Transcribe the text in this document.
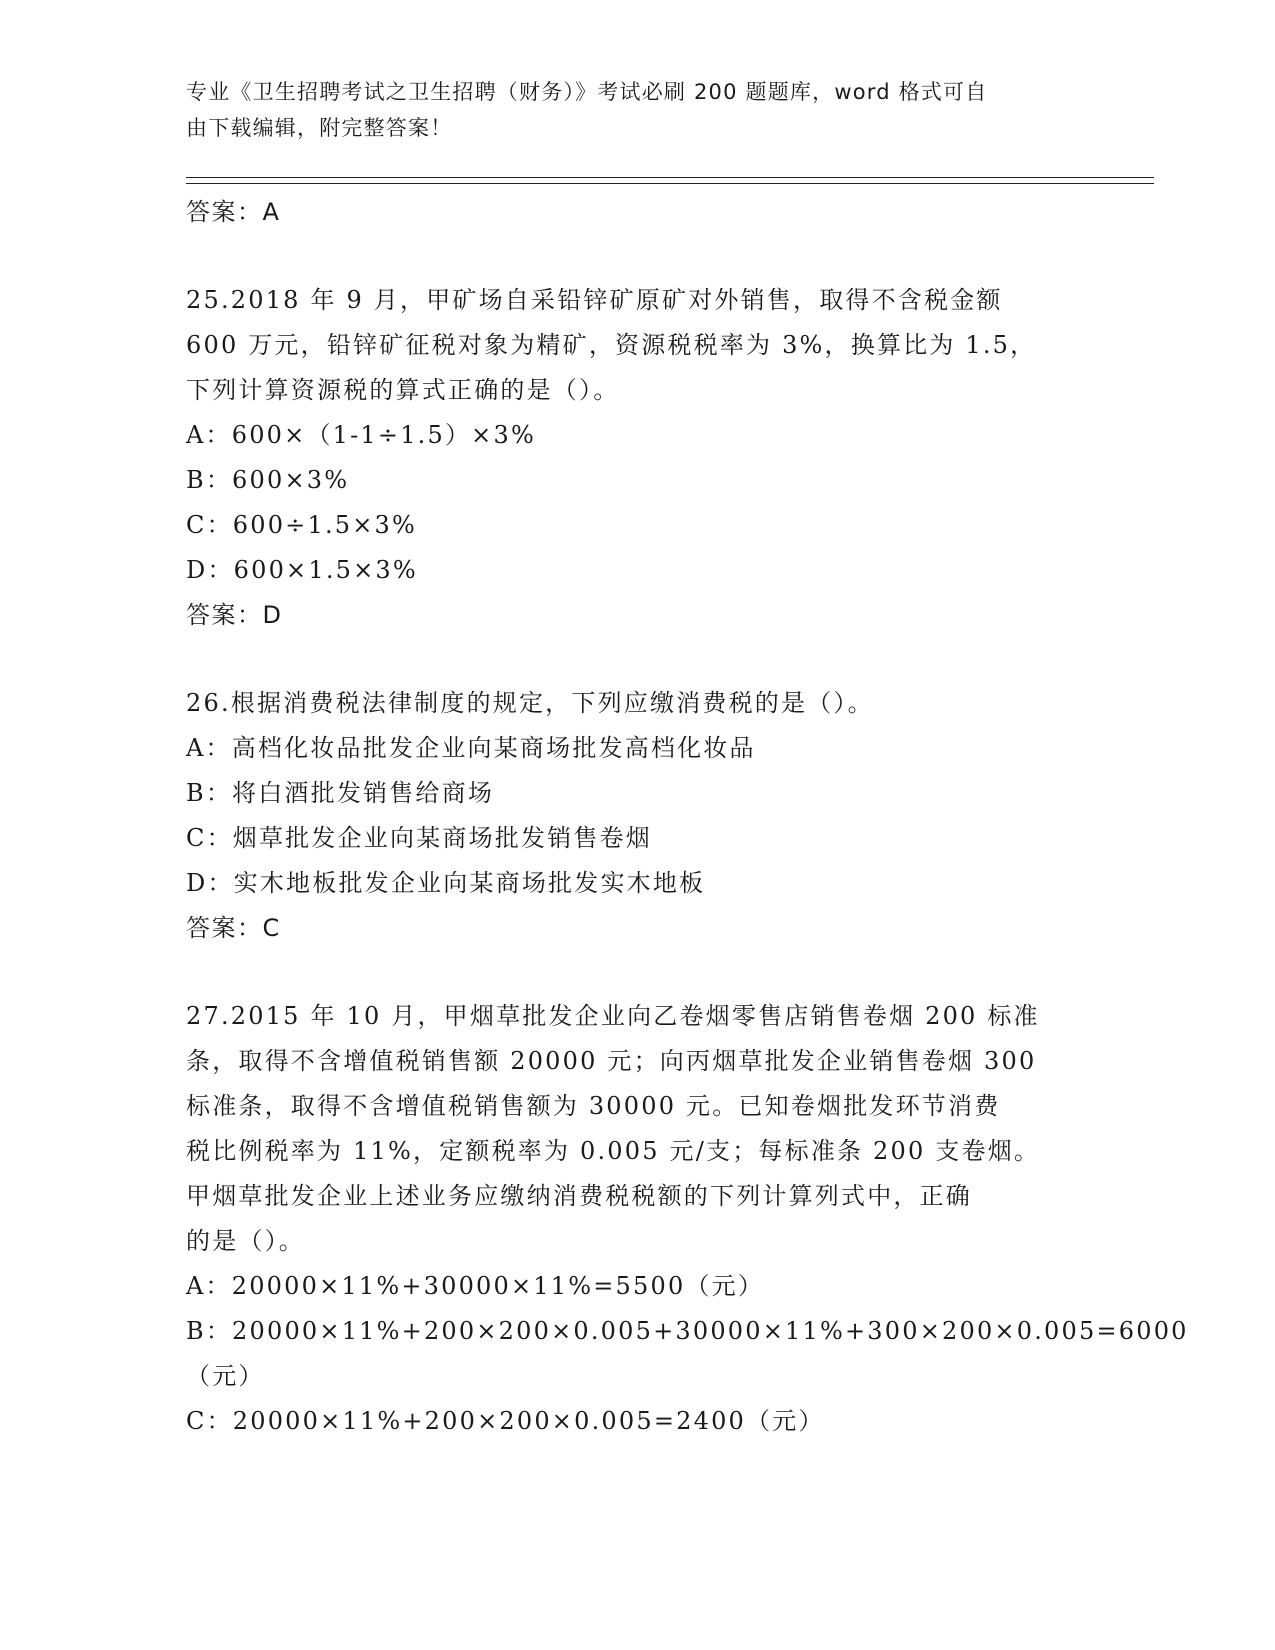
专业《卫生招聘考试之卫生招聘（财务）》考试必刷 200 题题库，word 格式可自
由下载编辑，附完整答案！
答案：A
25.2018 年 9 月，甲矿场自采铅锌矿原矿对外销售，取得不含税金额
600 万元，铅锌矿征税对象为精矿，资源税税率为 3%，换算比为 1.5，
下列计算资源税的算式正确的是（）。
A：600×（1-1÷1.5）×3%
B：600×3%
C：600÷1.5×3%
D：600×1.5×3%
答案：D
26.根据消费税法律制度的规定，下列应缴消费税的是（）。
A：高档化妆品批发企业向某商场批发高档化妆品
B：将白酒批发销售给商场
C：烟草批发企业向某商场批发销售卷烟
D：实木地板批发企业向某商场批发实木地板
答案：C
27.2015 年 10 月，甲烟草批发企业向乙卷烟零售店销售卷烟 200 标准
条，取得不含增值税销售额 20000 元；向丙烟草批发企业销售卷烟 300
标准条，取得不含增值税销售额为 30000 元。已知卷烟批发环节消费
税比例税率为 11%，定额税率为 0.005 元/支；每标准条 200 支卷烟。
甲烟草批发企业上述业务应缴纳消费税税额的下列计算列式中，正确
的是（）。
A：20000×11%+30000×11%=5500（元）
B：20000×11%+200×200×0.005+30000×11%+300×200×0.005=6000
（元）
C：20000×11%+200×200×0.005=2400（元）
